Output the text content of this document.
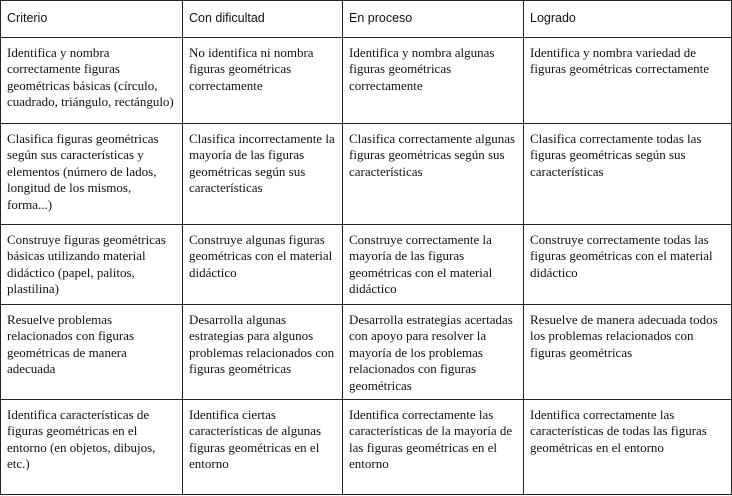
Criterio	Con dificultad	En proceso	Logrado
Identifica y nombra correctamente figuras geométricas básicas (círculo, cuadrado, triángulo, rectángulo)	No identifica ni nombra figuras geométricas correctamente	Identifica y nombra algunas figuras geométricas correctamente	Identifica y nombra variedad de figuras geométricas correctamente
Clasifica figuras geométricas según sus características y elementos (número de lados, longitud de los mismos, forma...)	Clasifica incorrectamente la mayoría de las figuras geométricas según sus características	Clasifica correctamente algunas figuras geométricas según sus características	Clasifica correctamente todas las figuras geométricas según sus características
Construye figuras geométricas básicas utilizando material didáctico (papel, palitos, plastilina)	Construye algunas figuras geométricas con el material didáctico	Construye correctamente la mayoría de las figuras geométricas con el material didáctico	Construye correctamente todas las figuras geométricas con el material didáctico
Resuelve problemas relacionados con figuras geométricas de manera adecuada	Desarrolla algunas estrategias para algunos problemas relacionados con figuras geométricas	Desarrolla estrategias acertadas con apoyo para resolver la mayoría de los problemas relacionados con figuras geométricas	Resuelve de manera adecuada todos los problemas relacionados con figuras geométricas
Identifica características de figuras geométricas en el entorno (en objetos, dibujos, etc.)	Identifica ciertas características de algunas figuras geométricas en el entorno	Identifica correctamente las características de la mayoría de las figuras geométricas en el entorno	Identifica correctamente las características de todas las figuras geométricas en el entorno
